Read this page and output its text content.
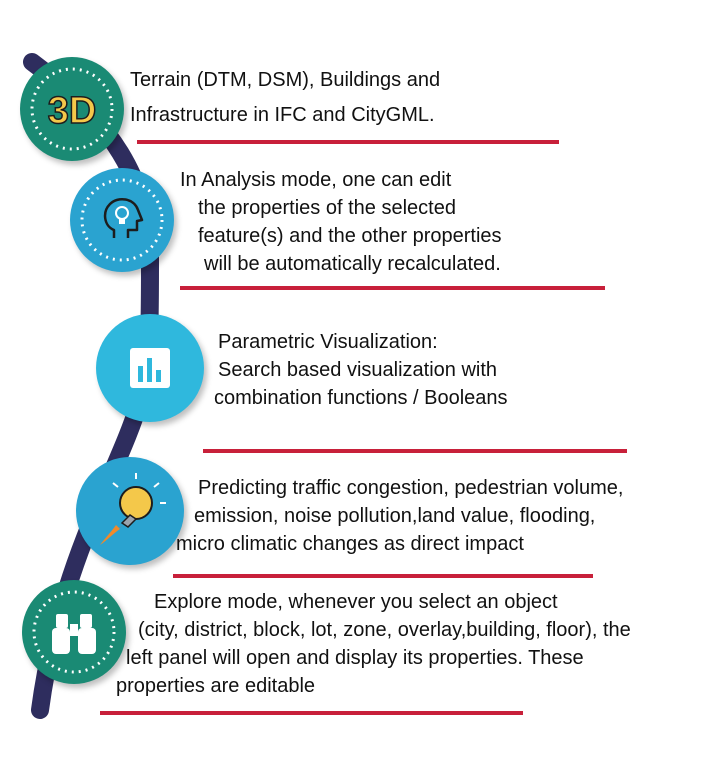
3D
Terrain (DTM, DSM), Buildings and
Infrastructure in IFC and CityGML.
In Analysis mode, one can edit
the properties of the selected
feature(s) and the other properties
will be automatically recalculated.
Parametric Visualization:
Search based visualization with
combination functions / Booleans
Predicting traffic congestion, pedestrian volume,
emission, noise pollution,land value, flooding,
micro climatic changes as direct impact
Explore mode, whenever you select an object
(city, district, block, lot, zone, overlay,building, floor), the
left panel will open and display its properties. These
properties are editable
